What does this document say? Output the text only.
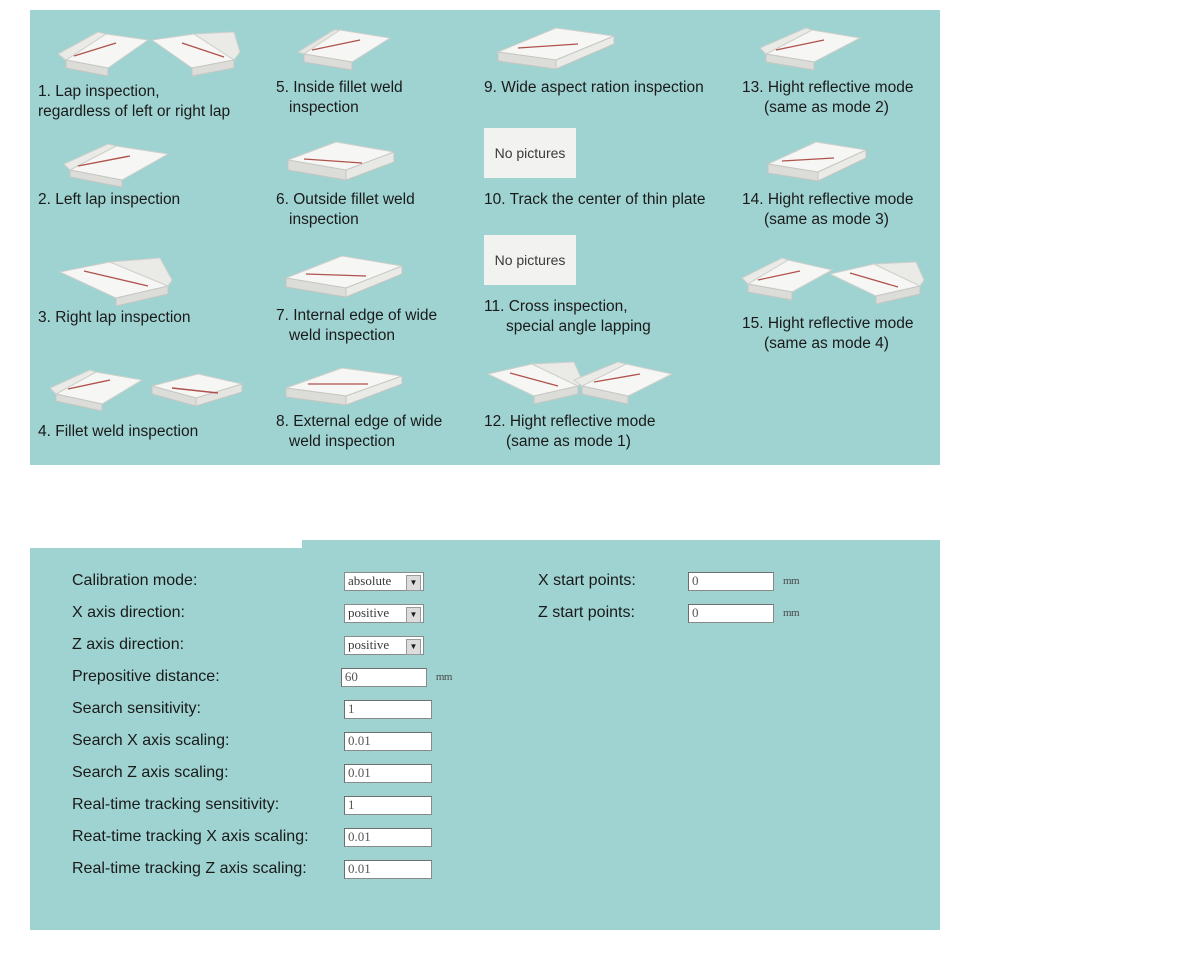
1. Lap inspection,
regardless of left or right lap
2. Left lap inspection
3. Right lap inspection
4. Fillet weld inspection
5. Inside fillet weld

inspection
6. Outside fillet weld

inspection
7. Internal edge of wide

weld inspection
8. External edge of wide

weld inspection
9. Wide aspect ration inspection
No pictures
10. Track the center of thin plate
No pictures
11. Cross inspection,

special angle lapping
12. Hight reflective mode

(same as mode 1)
13. Hight reflective mode

(same as mode 2)
14. Hight reflective mode

(same as mode 3)
15. Hight reflective mode

(same as mode 4)
Calibration mode:	absolute	▼
X axis direction:	positive	▼
Z axis direction:	positive	▼
Prepositive distance:
60	mm
Search sensitivity:
1
Search X axis scaling:
0.01
Search Z axis scaling:
0.01
Real-time tracking sensitivity:
1
Reat-time tracking X axis scaling:
0.01
Real-time tracking Z axis scaling:
0.01
X start points:
0	mm
Z start points:
0	mm
